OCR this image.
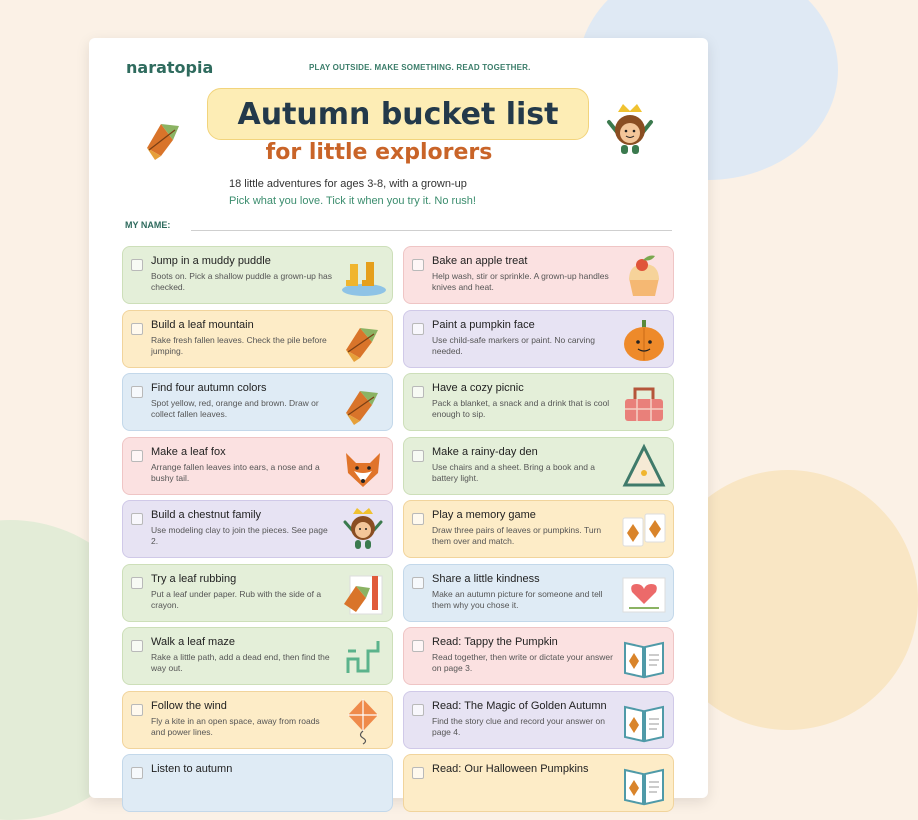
naratopia	PLAY OUTSIDE. MAKE SOMETHING. READ TOGETHER.
Autumn bucket list
for little explorers
18 little adventures for ages 3-8, with a grown-up
Pick what you love. Tick it when you try it. No rush!
MY NAME:
Jump in a muddy puddle
Boots on. Pick a shallow puddle a grown-up has checked.
Build a leaf mountain
Rake fresh fallen leaves. Check the pile before jumping.
Find four autumn colors
Spot yellow, red, orange and brown. Draw or collect fallen leaves.
Make a leaf fox
Arrange fallen leaves into ears, a nose and a bushy tail.
Build a chestnut family
Use modeling clay to join the pieces. See page 2.
Try a leaf rubbing
Put a leaf under paper. Rub with the side of a crayon.
Walk a leaf maze
Rake a little path, add a dead end, then find the way out.
Follow the wind
Fly a kite in an open space, away from roads and power lines.
Listen to autumn
Bake an apple treat
Help wash, stir or sprinkle. A grown-up handles knives and heat.
Paint a pumpkin face
Use child-safe markers or paint. No carving needed.
Have a cozy picnic
Pack a blanket, a snack and a drink that is cool enough to sip.
Make a rainy-day den
Use chairs and a sheet. Bring a book and a battery light.
Play a memory game
Draw three pairs of leaves or pumpkins. Turn them over and match.
Share a little kindness
Make an autumn picture for someone and tell them why you chose it.
Read: Tappy the Pumpkin
Read together, then write or dictate your answer on page 3.
Read: The Magic of Golden Autumn
Find the story clue and record your answer on page 4.
Read: Our Halloween Pumpkins
